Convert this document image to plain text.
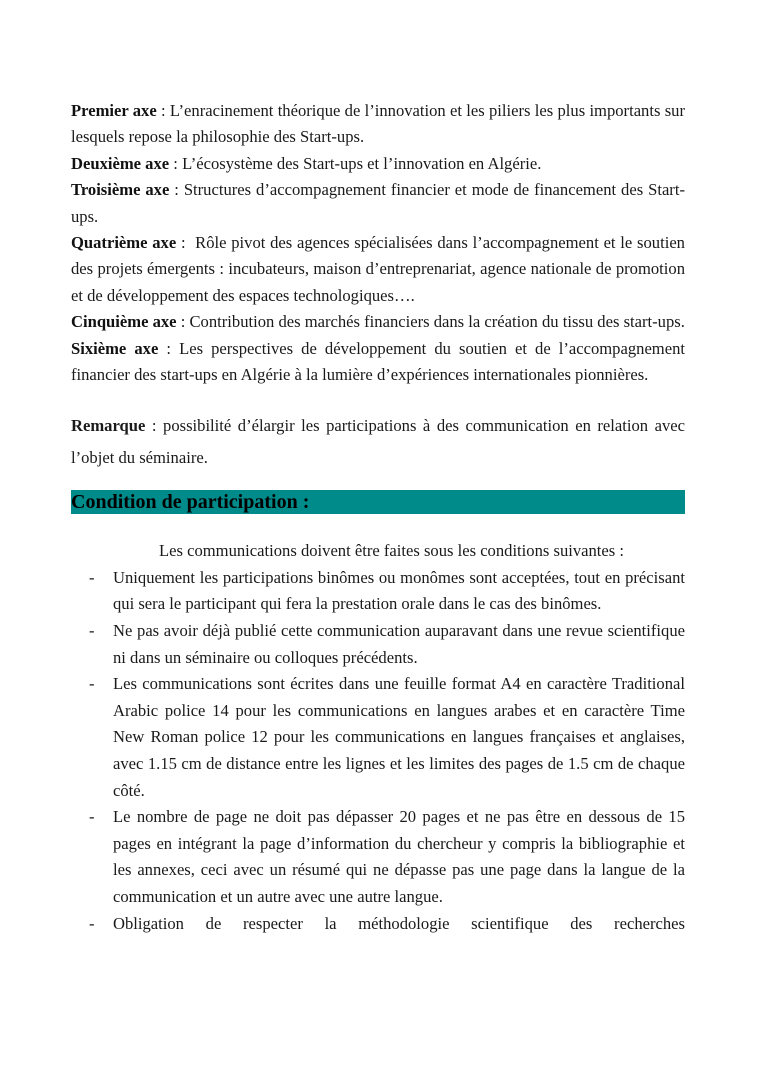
Premier axe : L’enracinement théorique de l’innovation et les piliers les plus importants sur lesquels repose la philosophie des Start-ups.

Deuxième axe : L’écosystème des Start-ups et l’innovation en Algérie.

Troisième axe : Structures d’accompagnement financier et mode de financement des Start-ups.

Quatrième axe :  Rôle pivot des agences spécialisées dans l’accompagnement et le soutien des projets émergents : incubateurs, maison d’entreprenariat, agence nationale de promotion et de développement des espaces technologiques….

Cinquième axe : Contribution des marchés financiers dans la création du tissu des start-ups.

Sixième axe : Les perspectives de développement du soutien et de l’accompagnement financier des start-ups en Algérie à la lumière d’expériences internationales pionnières.

Remarque : possibilité d’élargir les participations à des communication en relation avec l’objet du séminaire.

Condition de participation :

Les communications doivent être faites sous les conditions suivantes :

- Uniquement les participations binômes ou monômes sont acceptées, tout en précisant qui sera le participant qui fera la prestation orale dans le cas des binômes.
- Ne pas avoir déjà publié cette communication auparavant dans une revue scientifique ni dans un séminaire ou colloques précédents.
- Les communications sont écrites dans une feuille format A4 en caractère Traditional Arabic police 14 pour les communications en langues arabes et en caractère Time New Roman police 12 pour les communications en langues françaises et anglaises, avec 1.15 cm de distance entre les lignes et les limites des pages de 1.5 cm de chaque côté.
- Le nombre de page ne doit pas dépasser 20 pages et ne pas être en dessous de 15 pages en intégrant la page d’information du chercheur y compris la bibliographie et les annexes, ceci avec un résumé qui ne dépasse pas une page dans la langue de la communication et un autre avec une autre langue.
- Obligation de respecter la méthodologie scientifique des recherches
